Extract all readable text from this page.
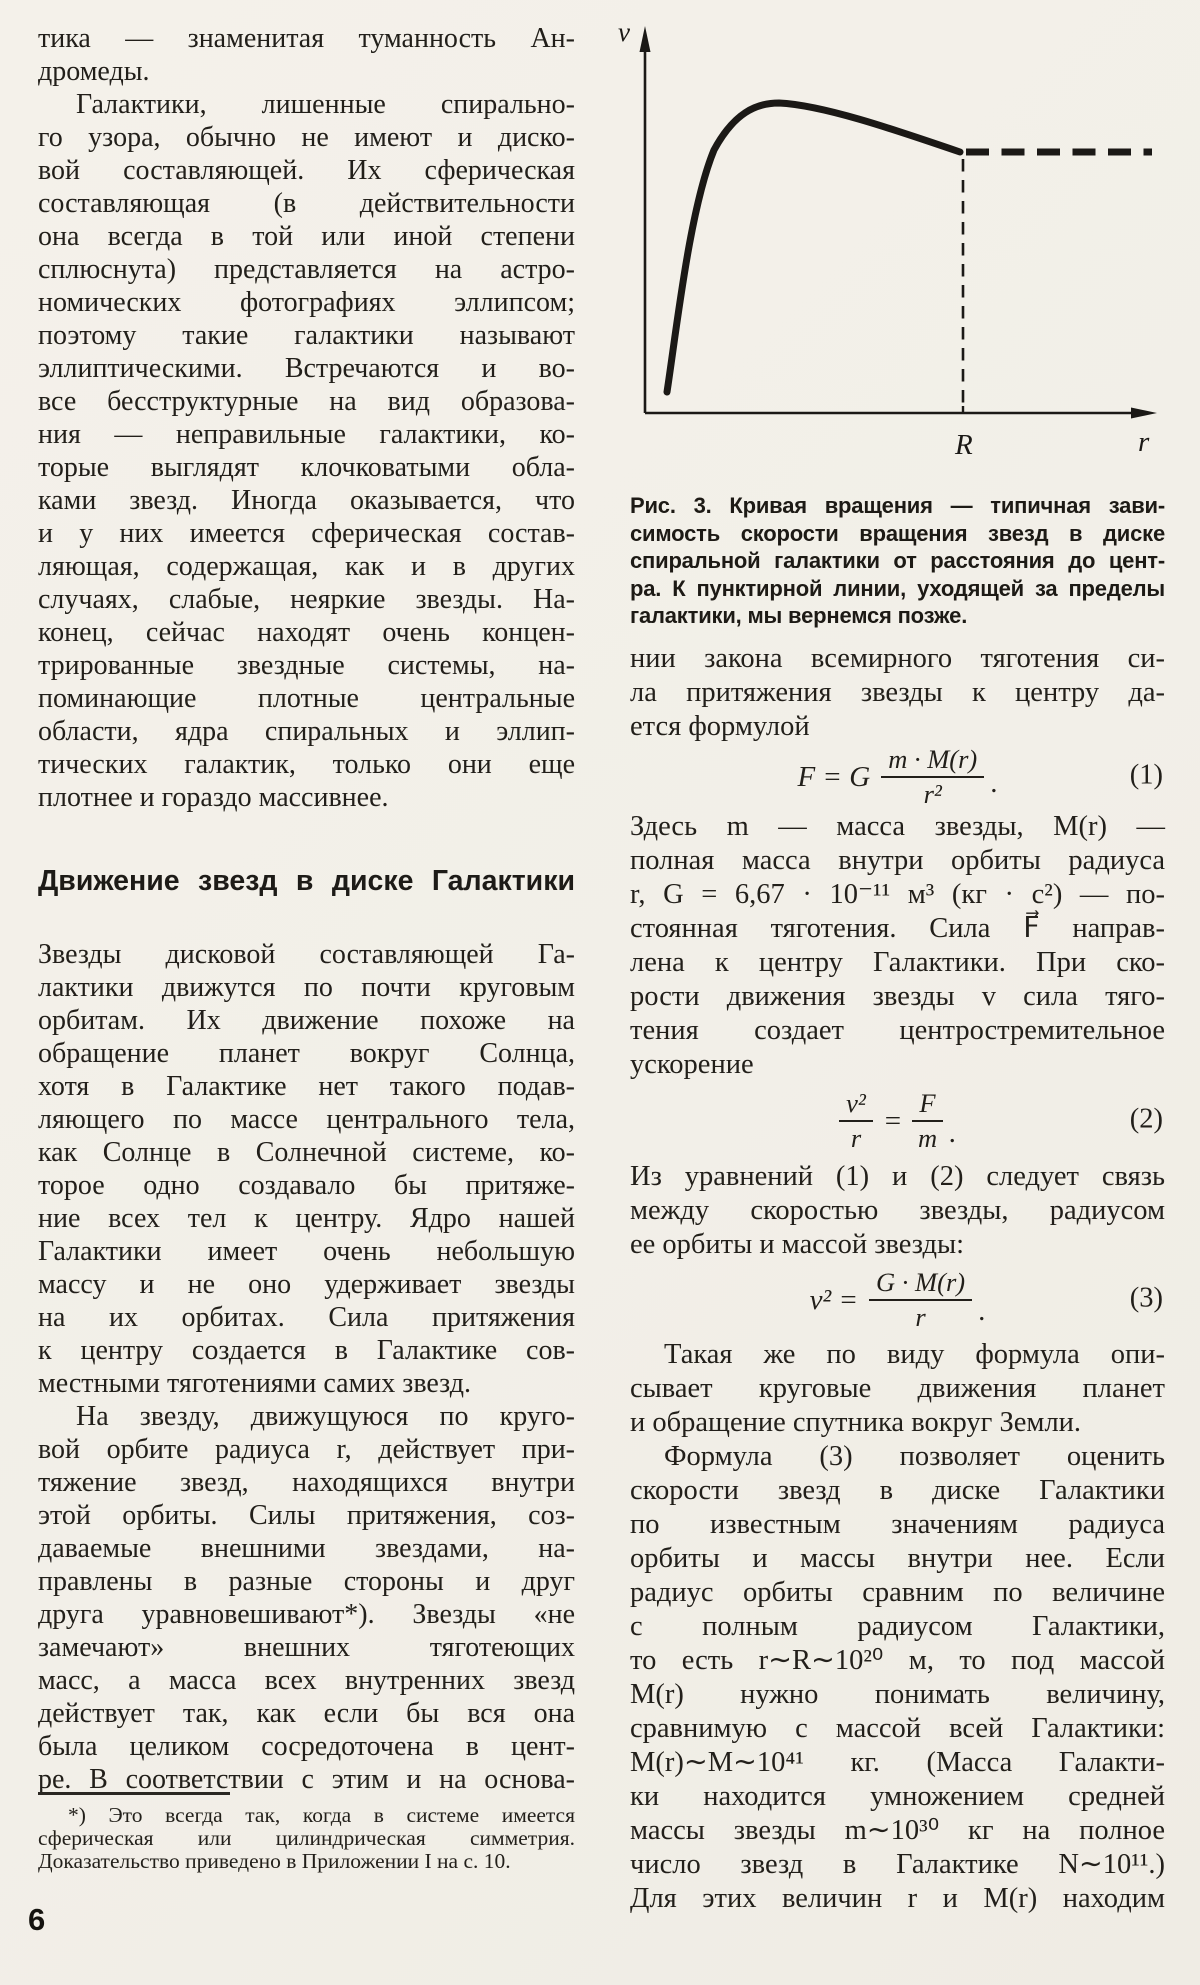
тика — знаменитая туманность Ан-
дромеды.
Галактики, лишенные спирально-
го узора, обычно не имеют и диско-
вой составляющей. Их сферическая
составляющая (в действительности
она всегда в той или иной степени
сплюснута) представляется на астро-
номических фотографиях эллипсом;
поэтому такие галактики называют
эллиптическими. Встречаются и во-
все бесструктурные на вид образова-
ния — неправильные галактики, ко-
торые выглядят клочковатыми обла-
ками звезд. Иногда оказывается, что
и у них имеется сферическая состав-
ляющая, содержащая, как и в других
случаях, слабые, неяркие звезды. На-
конец, сейчас находят очень концен-
трированные звездные системы, на-
поминающие плотные центральные
области, ядра спиральных и эллип-
тических галактик, только они еще
плотнее и гораздо массивнее.
Движение звезд в диске Галактики
Звезды дисковой составляющей Га-
лактики движутся по почти круговым
орбитам. Их движение похоже на
обращение планет вокруг Солнца,
хотя в Галактике нет такого подав-
ляющего по массе центрального тела,
как Солнце в Солнечной системе, ко-
торое одно создавало бы притяже-
ние всех тел к центру. Ядро нашей
Галактики имеет очень небольшую
массу и не оно удерживает звезды
на их орбитах. Сила притяжения
к центру создается в Галактике сов-
местными тяготениями самих звезд.
На звезду, движущуюся по круго-
вой орбите радиуса r, действует при-
тяжение звезд, находящихся внутри
этой орбиты. Силы притяжения, соз-
даваемые внешними звездами, на-
правлены в разные стороны и друг
друга уравновешивают*). Звезды «не
замечают» внешних тяготеющих
масс, а масса всех внутренних звезд
действует так, как если бы вся она
была целиком сосредоточена в цент-
ре. В соответствии с этим и на основа-
*) Это всегда так, когда в системе имеется
сферическая или цилиндрическая симметрия.
Доказательство приведено в Приложении I на с. 10.
6
v
R	r
Рис. 3. Кривая вращения — типичная зави-
симость скорости вращения звезд в диске
спиральной галактики от расстояния до цент-
ра. К пунктирной линии, уходящей за пределы
галактики, мы вернемся позже.
нии закона всемирного тяготения си-
ла притяжения звезды к центру да-
ется формулой
F = G $\frac{m \cdot M(r)}{\text{r²}}$ .	(1)
Здесь m — масса звезды, M(r) —
полная масса внутри орбиты радиуса
r, G = 6,67 · 10⁻¹¹ м³ (кг · с²) — по-
стоянная тяготения. Сила F⃗ направ-
лена к центру Галактики. При ско-
рости движения звезды v сила тяго-
тения создает центростремительное
ускорение
$\frac{\text{v²}}{r} = \frac{F}{m}$ .	(2)
Из уравнений (1) и (2) следует связь
между скоростью звезды, радиусом
ее орбиты и массой звезды:
$v^2 = \frac{G \cdot M(r)}{r}$ .	(3)
Такая же по виду формула опи-
сывает круговые движения планет
и обращение спутника вокруг Земли.
Формула (3) позволяет оценить
скорости звезд в диске Галактики
по известным значениям радиуса
орбиты и массы внутри нее. Если
радиус орбиты сравним по величине
с полным радиусом Галактики,
то есть r∼R∼10²⁰ м, то под массой
M(r) нужно понимать величину,
сравнимую с массой всей Галактики:
M(r)∼M∼10⁴¹ кг. (Масса Галакти-
ки находится умножением средней
массы звезды m∼10³⁰ кг на полное
число звезд в Галактике N∼10¹¹.)
Для этих величин r и M(r) находим
